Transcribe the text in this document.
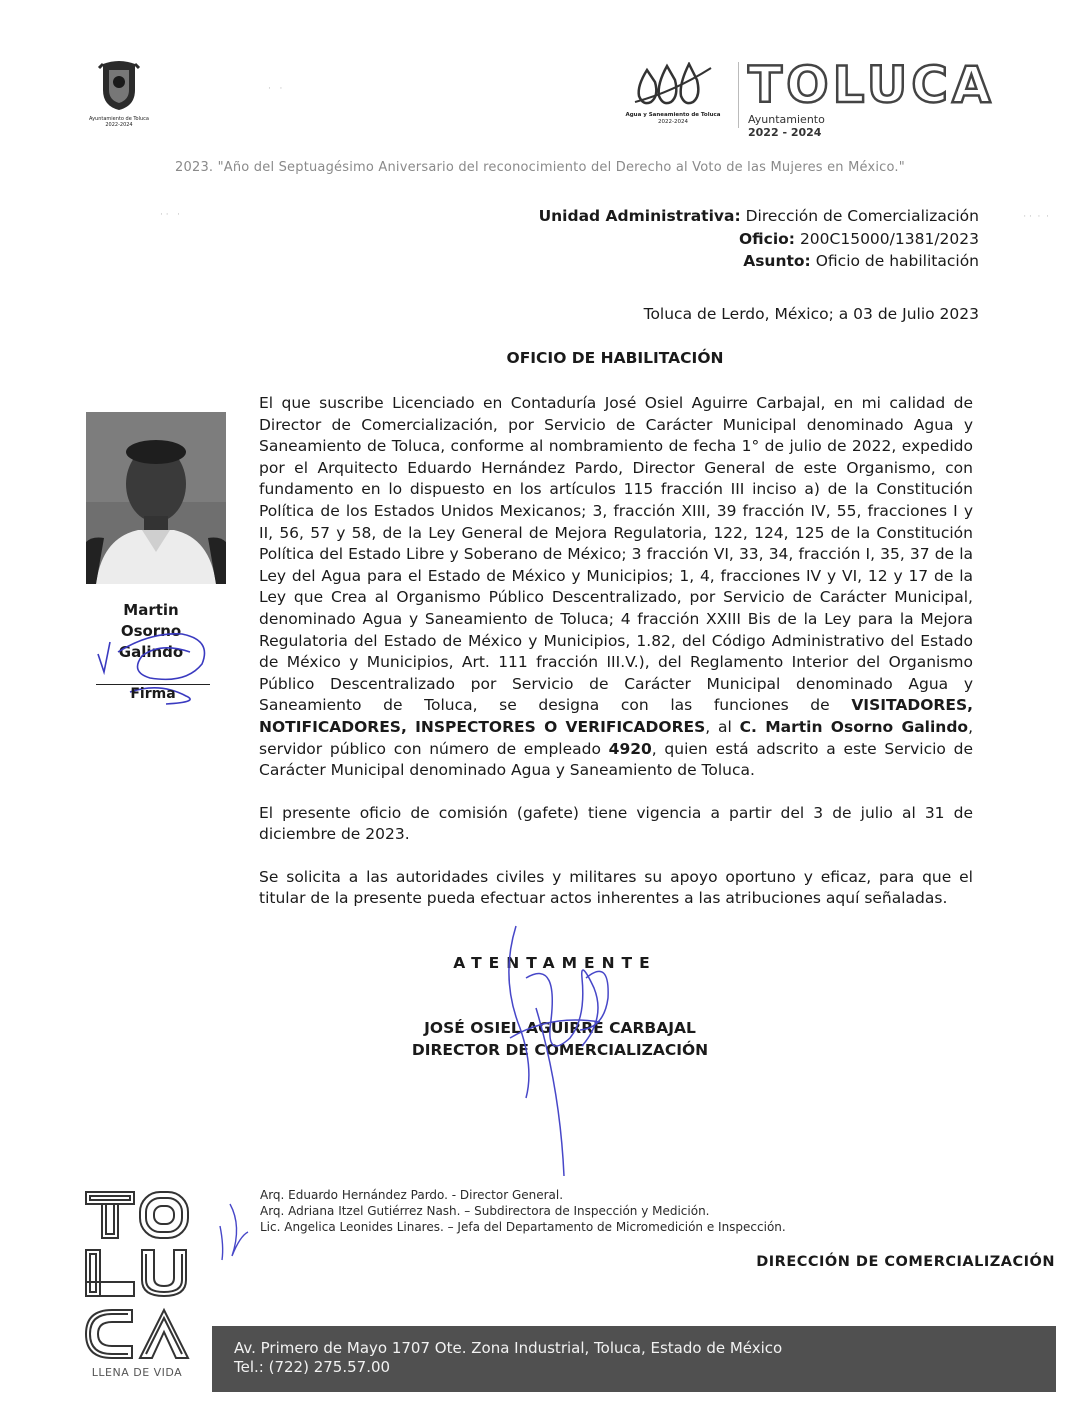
Ayuntamiento de Toluca
2022-2024
·   ·
Agua y Saneamiento de Toluca
2022-2024
TOLUCA
Ayuntamiento
2022 - 2024
2023. "Año del Septuagésimo Aniversario del reconocimiento del Derecho al Voto de las Mujeres en México."
Unidad Administrativa: Dirección de Comercialización
Oficio: 200C15000/1381/2023
Asunto: Oficio de habilitación
· ·  ·  ·
· ·   ·
Toluca de Lerdo, México; a 03 de Julio 2023
OFICIO DE HABILITACIÓN
Martin
Osorno
Galindo
Firma

El que suscribe Licenciado en Contaduría José Osiel Aguirre Carbajal, en mi calidad de Director de Comercialización, por Servicio de Carácter Municipal denominado Agua y Saneamiento de Toluca, conforme al nombramiento de fecha 1° de julio de 2022, expedido por el Arquitecto Eduardo Hernández Pardo, Director General de este Organismo, con fundamento en lo dispuesto en los artículos 115 fracción III inciso a) de la Constitución Política de los Estados Unidos Mexicanos; 3, fracción XIII, 39 fracción IV, 55, fracciones I y II, 56, 57 y 58, de la Ley General de Mejora Regulatoria, 122, 124, 125 de la Constitución Política del Estado Libre y Soberano de México; 3 fracción VI, 33, 34, fracción I, 35, 37 de la Ley del Agua para el Estado de México y Municipios; 1, 4, fracciones IV y VI, 12 y 17 de la Ley que Crea al Organismo Público Descentralizado, por Servicio de Carácter Municipal, denominado Agua y Saneamiento de Toluca; 4 fracción XXIII Bis de la Ley para la Mejora Regulatoria del Estado de México y Municipios, 1.82, del Código Administrativo del Estado de México y Municipios, Art. 111 fracción III.V.), del Reglamento Interior del Organismo Público Descentralizado por Servicio de Carácter Municipal denominado Agua y Saneamiento de Toluca, se designa con las funciones de VISITADORES, NOTIFICADORES, INSPECTORES O VERIFICADORES, al C. Martin Osorno Galindo, servidor público con número de empleado 4920, quien está adscrito a este Servicio de Carácter Municipal denominado Agua y Saneamiento de Toluca.

El presente oficio de comisión (gafete) tiene vigencia a partir del 3 de julio al 31 de diciembre de 2023.

Se solicita a las autoridades civiles y militares su apoyo oportuno y eficaz, para que el titular de la presente pueda efectuar actos inherentes a las atribuciones aquí señaladas.

ATENTAMENTE
JOSÉ OSIEL AGUIRRE CARBAJAL
DIRECTOR DE COMERCIALIZACIÓN
LLENA DE VIDA
Arq. Eduardo Hernández Pardo. - Director General.
Arq. Adriana Itzel Gutiérrez Nash. – Subdirectora de Inspección y Medición.
Lic. Angelica Leonides Linares. – Jefa del Departamento de Micromedición e Inspección.
DIRECCIÓN DE COMERCIALIZACIÓN
Av. Primero de Mayo 1707 Ote. Zona Industrial, Toluca, Estado de México
Tel.: (722) 275.57.00
